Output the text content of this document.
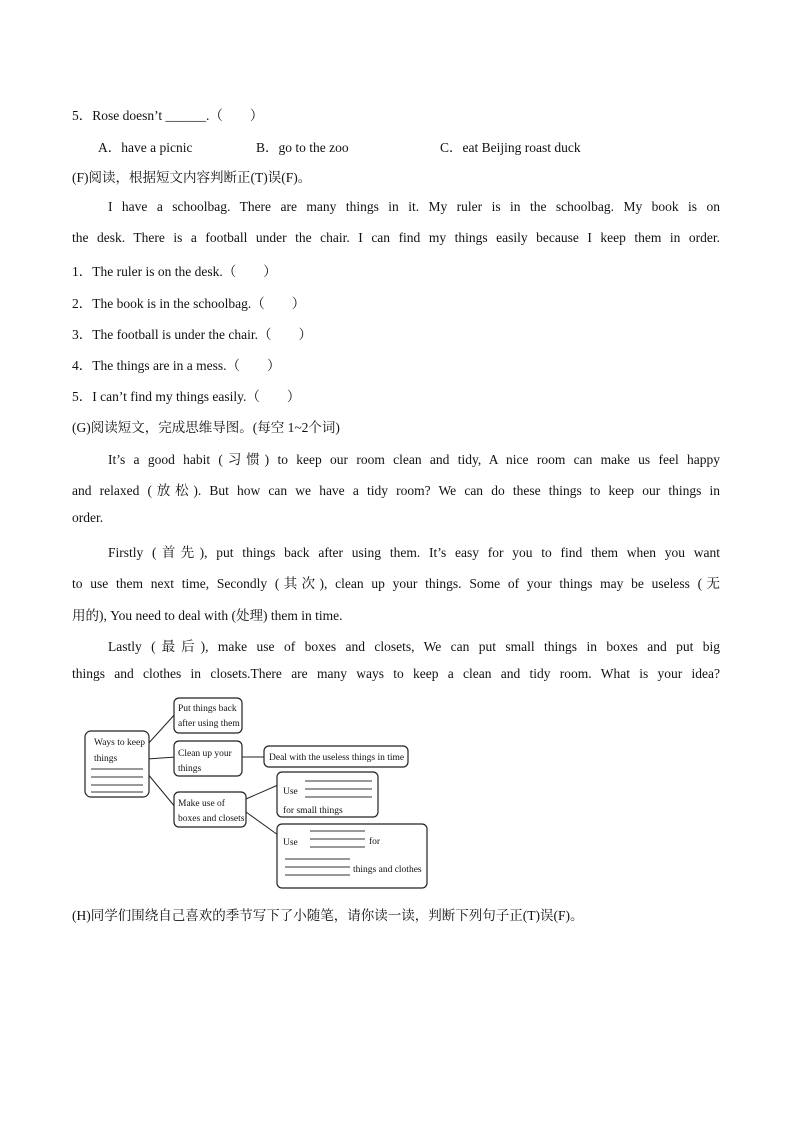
5．Rose doesn’t ______.（　　）
A．have a picnic	B．go to the zoo	C．eat Beijing roast duck
(F)阅读，根据短文内容判断正(T)误(F)。
I have a schoolbag. There are many things in it. My ruler is in the schoolbag. My book is on
the desk. There is a football under the chair. I can find my things easily because I keep them in order.
1．The ruler is on the desk.（　　）
2．The book is in the schoolbag.（　　）
3．The football is under the chair.（　　）
4．The things are in a mess.（　　）
5．I can’t find my things easily.（　　）
(G)阅读短文，完成思维导图。(每空 1~2个词)
It’s a good habit (习惯) to keep our room clean and tidy, A nice room can make us feel happy
and relaxed (放松). But how can we have a tidy room? We can do these things to keep our things in
order.
Firstly (首先), put things back after using them. It’s easy for you to find them when you want
to use them next time, Secondly (其次), clean up your things. Some of your things may be useless (无
用的), You need to deal with (处理) them in time.
Lastly (最后), make use of boxes and closets, We can put small things in boxes and put big
things and clothes in closets.There are many ways to keep a clean and tidy room. What is your idea?
Ways to keep
things
Put things back
after using them
Clean up your
things
Make use of
boxes and closets
Deal with the useless things in time
Use
for small things
Use	for
things and clothes
(H)同学们围绕自己喜欢的季节写下了小随笔，请你读一读，判断下列句子正(T)误(F)。
